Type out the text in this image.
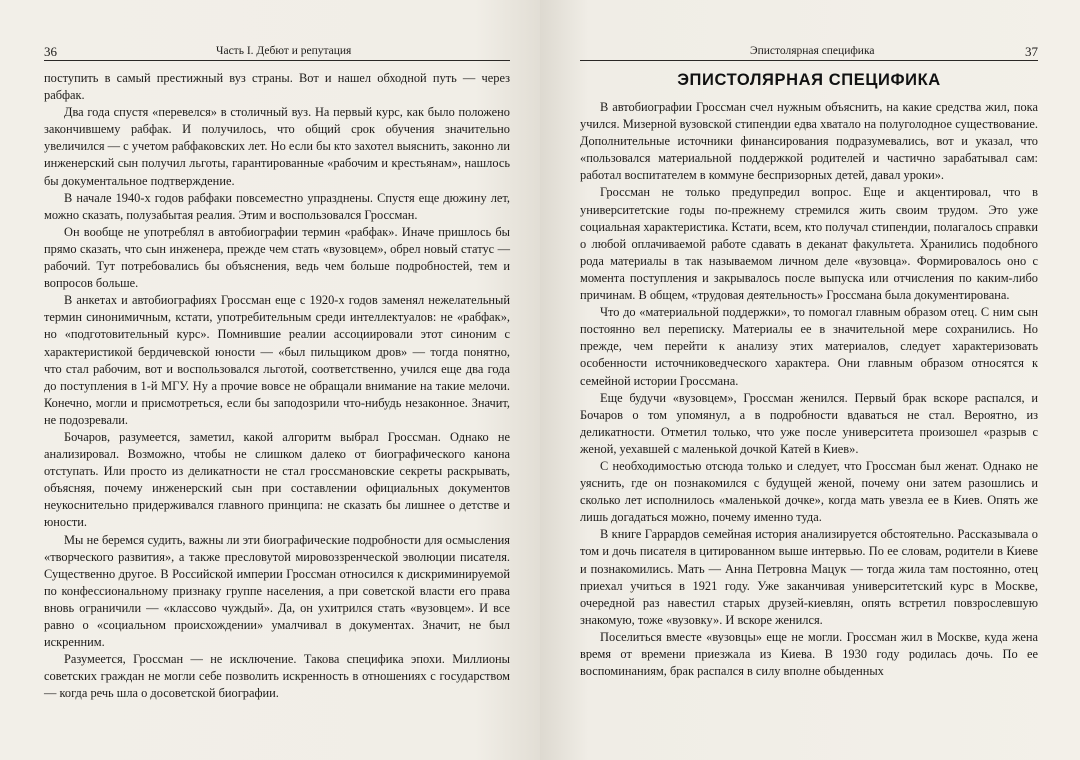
36	Часть I. Дебют и репутация

поступить в самый престижный вуз страны. Вот и нашел обходной путь — через рабфак.

Два года спустя «перевелся» в столичный вуз. На первый курс, как было положено закончившему рабфак. И получилось, что общий срок обучения значительно увеличился — с учетом рабфаковских лет. Но если бы кто захотел выяснить, законно ли инженерский сын получил льготы, гарантированные «рабочим и крестьянам», нашлось бы документальное подтверждение.

В начале 1940-х годов рабфаки повсеместно упразднены. Спустя еще дюжину лет, можно сказать, полузабытая реалия. Этим и воспользовался Гроссман.

Он вообще не употреблял в автобиографии термин «рабфак». Иначе пришлось бы прямо сказать, что сын инженера, прежде чем стать «вузовцем», обрел новый статус — рабочий. Тут потребовались бы объяснения, ведь чем больше подробностей, тем и вопросов больше.

В анкетах и автобиографиях Гроссман еще с 1920-х годов заменял нежелательный термин синонимичным, кстати, употребительным среди интеллектуалов: не «рабфак», но «подготовительный курс». Помнившие реалии ассоциировали этот синоним с характеристикой бердичевской юности — «был пильщиком дров» — тогда понятно, что стал рабочим, вот и воспользовался льготой, соответственно, учился еще два года до поступления в 1-й МГУ. Ну а прочие вовсе не обращали внимание на такие мелочи. Конечно, могли и присмотреться, если бы заподозрили что-нибудь незаконное. Значит, не подозревали.

Бочаров, разумеется, заметил, какой алгоритм выбрал Гроссман. Однако не анализировал. Возможно, чтобы не слишком далеко от биографического канона отступать. Или просто из деликатности не стал гроссмановские секреты раскрывать, объясняя, почему инженерский сын при составлении официальных документов неукоснительно придерживался главного принципа: не сказать бы лишнее о детстве и юности.

Мы не беремся судить, важны ли эти биографические подробности для осмысления «творческого развития», а также пресловутой мировоззренческой эволюции писателя. Существенно другое. В Российской империи Гроссман относился к дискриминируемой по конфессиональному признаку группе населения, а при советской власти его права вновь ограничили — «классово чуждый». Да, он ухитрился стать «вузовцем». И все равно о «социальном происхождении» умалчивал в документах. Значит, не был искренним.

Разумеется, Гроссман — не исключение. Такова специфика эпохи. Миллионы советских граждан не могли себе позволить искренность в отношениях с государством — когда речь шла о досоветской биографии.

Эпистолярная специфика	37
ЭПИСТОЛЯРНАЯ СПЕЦИФИКА

В автобиографии Гроссман счел нужным объяснить, на какие средства жил, пока учился. Мизерной вузовской стипендии едва хватало на полуголодное существование. Дополнительные источники финансирования подразумевались, вот и указал, что «пользовался материальной поддержкой родителей и частично зарабатывал сам: работал воспитателем в коммуне беспризорных детей, давал уроки».

Гроссман не только предупредил вопрос. Еще и акцентировал, что в университетские годы по-прежнему стремился жить своим трудом. Это уже социальная характеристика. Кстати, всем, кто получал стипендии, полагалось справки о любой оплачиваемой работе сдавать в деканат факультета. Хранились подобного рода материалы в так называемом личном деле «вузовца». Формировалось оно с момента поступления и закрывалось после выпуска или отчисления по каким-либо причинам. В общем, «трудовая деятельность» Гроссмана была документирована.

Что до «материальной поддержки», то помогал главным образом отец. С ним сын постоянно вел переписку. Материалы ее в значительной мере сохранились. Но прежде, чем перейти к анализу этих материалов, следует характеризовать особенности источниковедческого характера. Они главным образом относятся к семейной истории Гроссмана.

Еще будучи «вузовцем», Гроссман женился. Первый брак вскоре распался, и Бочаров о том упомянул, а в подробности вдаваться не стал. Вероятно, из деликатности. Отметил только, что уже после университета произошел «разрыв с женой, уехавшей с маленькой дочкой Катей в Киев».

С необходимостью отсюда только и следует, что Гроссман был женат. Однако не уяснить, где он познакомился с будущей женой, почему они затем разошлись и сколько лет исполнилось «маленькой дочке», когда мать увезла ее в Киев. Опять же лишь догадаться можно, почему именно туда.

В книге Гаррардов семейная история анализируется обстоятельно. Рассказывала о том и дочь писателя в цитированном выше интервью. По ее словам, родители в Киеве и познакомились. Мать — Анна Петровна Мацук — тогда жила там постоянно, отец приехал учиться в 1921 году. Уже заканчивая университетский курс в Москве, очередной раз навестил старых друзей-киевлян, опять встретил повзрослевшую знакомую, тоже «вузовку». И вскоре женился.

Поселиться вместе «вузовцы» еще не могли. Гроссман жил в Москве, куда жена время от времени приезжала из Киева. В 1930 году родилась дочь. По ее воспоминаниям, брак распался в силу вполне обыденных
